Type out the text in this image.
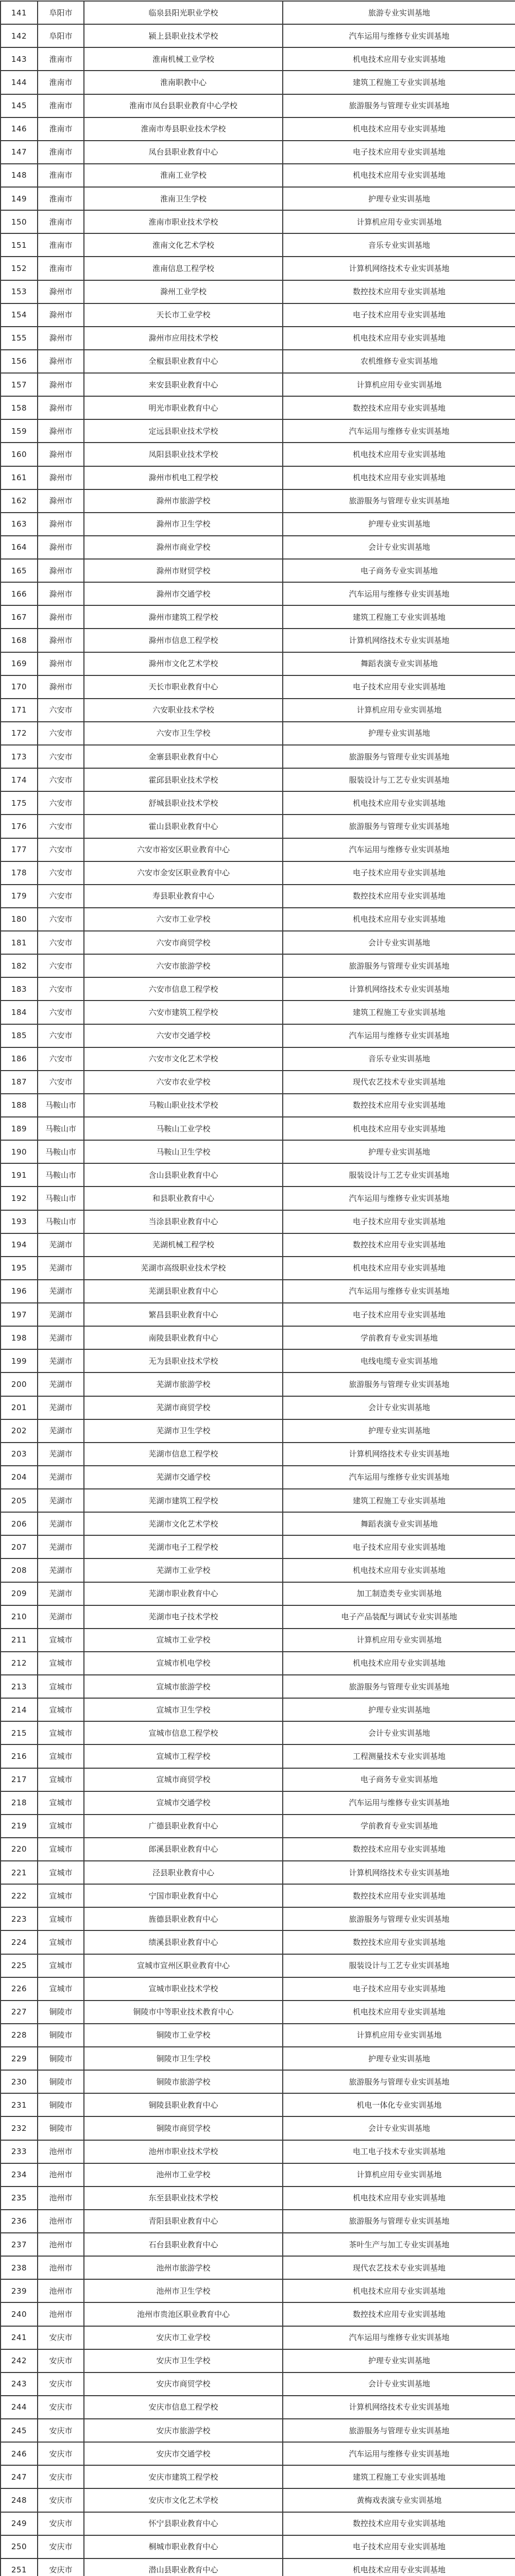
141	阜阳市	临泉县阳光职业学校	旅游专业实训基地
142	阜阳市	颍上县职业技术学校	汽车运用与维修专业实训基地
143	淮南市	淮南机械工业学校	机电技术应用专业实训基地
144	淮南市	淮南职教中心	建筑工程施工专业实训基地
145	淮南市	淮南市凤台县职业教育中心学校	旅游服务与管理专业实训基地
146	淮南市	淮南市寿县职业技术学校	机电技术应用专业实训基地
147	淮南市	凤台县职业教育中心	电子技术应用专业实训基地
148	淮南市	淮南工业学校	机电技术应用专业实训基地
149	淮南市	淮南卫生学校	护理专业实训基地
150	淮南市	淮南市职业技术学校	计算机应用专业实训基地
151	淮南市	淮南文化艺术学校	音乐专业实训基地
152	淮南市	淮南信息工程学校	计算机网络技术专业实训基地
153	滁州市	滁州工业学校	数控技术应用专业实训基地
154	滁州市	天长市工业学校	电子技术应用专业实训基地
155	滁州市	滁州市应用技术学校	机电技术应用专业实训基地
156	滁州市	全椒县职业教育中心	农机维修专业实训基地
157	滁州市	来安县职业教育中心	计算机应用专业实训基地
158	滁州市	明光市职业教育中心	数控技术应用专业实训基地
159	滁州市	定远县职业技术学校	汽车运用与维修专业实训基地
160	滁州市	凤阳县职业技术学校	机电技术应用专业实训基地
161	滁州市	滁州市机电工程学校	机电技术应用专业实训基地
162	滁州市	滁州市旅游学校	旅游服务与管理专业实训基地
163	滁州市	滁州市卫生学校	护理专业实训基地
164	滁州市	滁州市商业学校	会计专业实训基地
165	滁州市	滁州市财贸学校	电子商务专业实训基地
166	滁州市	滁州市交通学校	汽车运用与维修专业实训基地
167	滁州市	滁州市建筑工程学校	建筑工程施工专业实训基地
168	滁州市	滁州市信息工程学校	计算机网络技术专业实训基地
169	滁州市	滁州市文化艺术学校	舞蹈表演专业实训基地
170	滁州市	天长市职业教育中心	电子技术应用专业实训基地
171	六安市	六安职业技术学校	计算机应用专业实训基地
172	六安市	六安市卫生学校	护理专业实训基地
173	六安市	金寨县职业教育中心	旅游服务与管理专业实训基地
174	六安市	霍邱县职业技术学校	服装设计与工艺专业实训基地
175	六安市	舒城县职业技术学校	机电技术应用专业实训基地
176	六安市	霍山县职业教育中心	旅游服务与管理专业实训基地
177	六安市	六安市裕安区职业教育中心	汽车运用与维修专业实训基地
178	六安市	六安市金安区职业教育中心	电子技术应用专业实训基地
179	六安市	寿县职业教育中心	数控技术应用专业实训基地
180	六安市	六安市工业学校	机电技术应用专业实训基地
181	六安市	六安市商贸学校	会计专业实训基地
182	六安市	六安市旅游学校	旅游服务与管理专业实训基地
183	六安市	六安市信息工程学校	计算机网络技术专业实训基地
184	六安市	六安市建筑工程学校	建筑工程施工专业实训基地
185	六安市	六安市交通学校	汽车运用与维修专业实训基地
186	六安市	六安市文化艺术学校	音乐专业实训基地
187	六安市	六安市农业学校	现代农艺技术专业实训基地
188	马鞍山市	马鞍山职业技术学校	数控技术应用专业实训基地
189	马鞍山市	马鞍山工业学校	机电技术应用专业实训基地
190	马鞍山市	马鞍山卫生学校	护理专业实训基地
191	马鞍山市	含山县职业教育中心	服装设计与工艺专业实训基地
192	马鞍山市	和县职业教育中心	汽车运用与维修专业实训基地
193	马鞍山市	当涂县职业教育中心	电子技术应用专业实训基地
194	芜湖市	芜湖机械工程学校	数控技术应用专业实训基地
195	芜湖市	芜湖市高级职业技术学校	机电技术应用专业实训基地
196	芜湖市	芜湖县职业教育中心	汽车运用与维修专业实训基地
197	芜湖市	繁昌县职业教育中心	电子技术应用专业实训基地
198	芜湖市	南陵县职业教育中心	学前教育专业实训基地
199	芜湖市	无为县职业技术学校	电线电缆专业实训基地
200	芜湖市	芜湖市旅游学校	旅游服务与管理专业实训基地
201	芜湖市	芜湖市商贸学校	会计专业实训基地
202	芜湖市	芜湖市卫生学校	护理专业实训基地
203	芜湖市	芜湖市信息工程学校	计算机网络技术专业实训基地
204	芜湖市	芜湖市交通学校	汽车运用与维修专业实训基地
205	芜湖市	芜湖市建筑工程学校	建筑工程施工专业实训基地
206	芜湖市	芜湖市文化艺术学校	舞蹈表演专业实训基地
207	芜湖市	芜湖市电子工程学校	电子技术应用专业实训基地
208	芜湖市	芜湖市工业学校	机电技术应用专业实训基地
209	芜湖市	芜湖市职业教育中心	加工制造类专业实训基地
210	芜湖市	芜湖市电子技术学校	电子产品装配与调试专业实训基地
211	宣城市	宣城市工业学校	计算机应用专业实训基地
212	宣城市	宣城市机电学校	机电技术应用专业实训基地
213	宣城市	宣城市旅游学校	旅游服务与管理专业实训基地
214	宣城市	宣城市卫生学校	护理专业实训基地
215	宣城市	宣城市信息工程学校	会计专业实训基地
216	宣城市	宣城市工程学校	工程测量技术专业实训基地
217	宣城市	宣城市商贸学校	电子商务专业实训基地
218	宣城市	宣城市交通学校	汽车运用与维修专业实训基地
219	宣城市	广德县职业教育中心	学前教育专业实训基地
220	宣城市	郎溪县职业教育中心	数控技术应用专业实训基地
221	宣城市	泾县职业教育中心	计算机网络技术专业实训基地
222	宣城市	宁国市职业教育中心	数控技术应用专业实训基地
223	宣城市	旌德县职业教育中心	旅游服务与管理专业实训基地
224	宣城市	绩溪县职业教育中心	数控技术应用专业实训基地
225	宣城市	宣城市宣州区职业教育中心	服装设计与工艺专业实训基地
226	宣城市	宣城市职业技术学校	电子技术应用专业实训基地
227	铜陵市	铜陵市中等职业技术教育中心	机电技术应用专业实训基地
228	铜陵市	铜陵市工业学校	计算机应用专业实训基地
229	铜陵市	铜陵市卫生学校	护理专业实训基地
230	铜陵市	铜陵市旅游学校	旅游服务与管理专业实训基地
231	铜陵市	铜陵县职业教育中心	机电一体化专业实训基地
232	铜陵市	铜陵市商贸学校	会计专业实训基地
233	池州市	池州市职业技术学校	电工电子技术专业实训基地
234	池州市	池州市工业学校	计算机应用专业实训基地
235	池州市	东至县职业技术学校	机电技术应用专业实训基地
236	池州市	青阳县职业教育中心	旅游服务与管理专业实训基地
237	池州市	石台县职业教育中心	茶叶生产与加工专业实训基地
238	池州市	池州市旅游学校	现代农艺技术专业实训基地
239	池州市	池州市卫生学校	机电技术应用专业实训基地
240	池州市	池州市贵池区职业教育中心	数控技术应用专业实训基地
241	安庆市	安庆市工业学校	汽车运用与维修专业实训基地
242	安庆市	安庆市卫生学校	护理专业实训基地
243	安庆市	安庆市商贸学校	会计专业实训基地
244	安庆市	安庆市信息工程学校	计算机网络技术专业实训基地
245	安庆市	安庆市旅游学校	旅游服务与管理专业实训基地
246	安庆市	安庆市交通学校	汽车运用与维修专业实训基地
247	安庆市	安庆市建筑工程学校	建筑工程施工专业实训基地
248	安庆市	安庆市文化艺术学校	黄梅戏表演专业实训基地
249	安庆市	怀宁县职业教育中心	数控技术应用专业实训基地
250	安庆市	桐城市职业教育中心	电子技术应用专业实训基地
251	安庆市	潜山县职业教育中心	机电技术应用专业实训基地
